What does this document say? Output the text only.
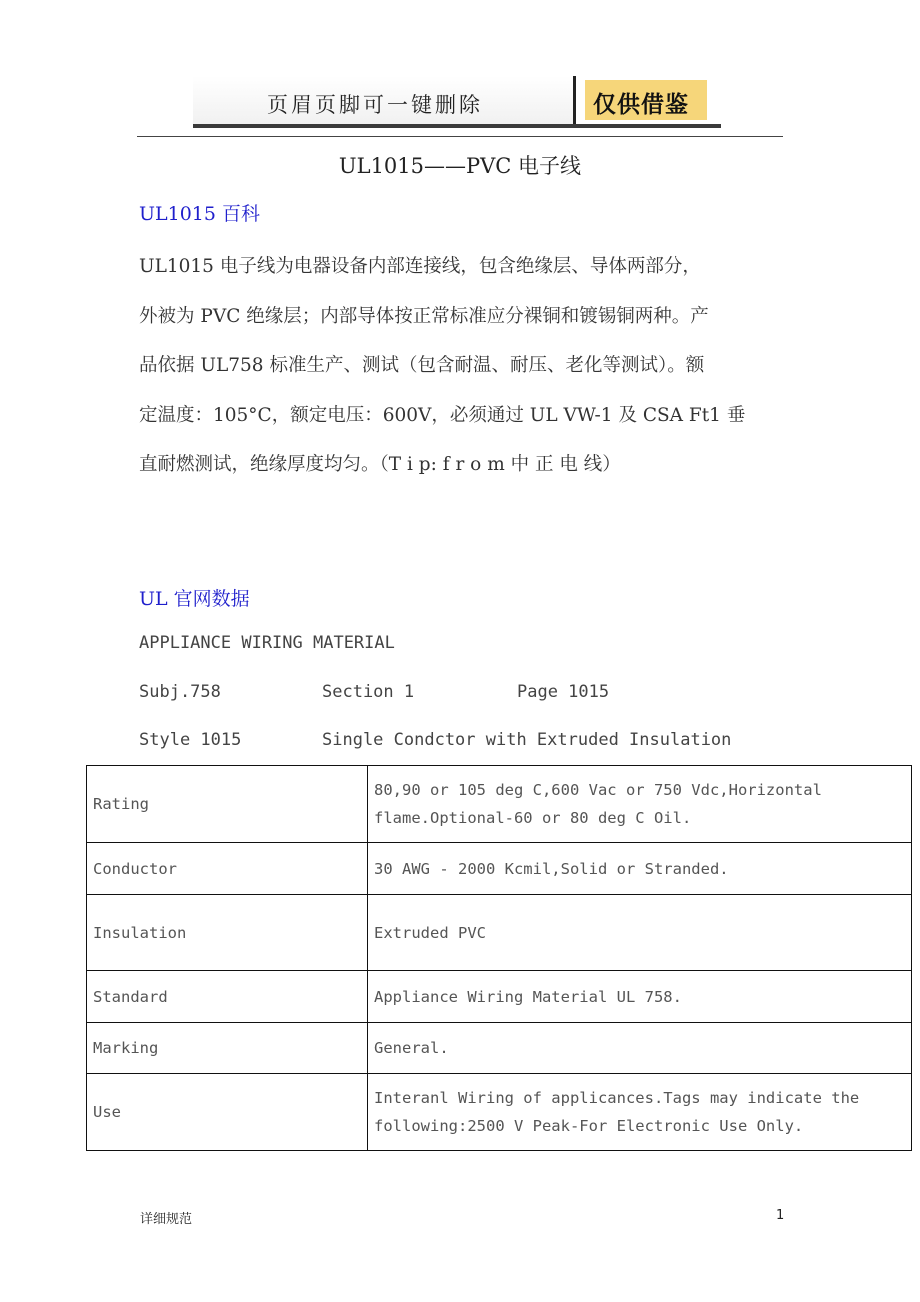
页眉页脚可一键删除	仅供借鉴
UL1015——PVC 电子线
UL1015 百科
UL1015 电子线为电器设备内部连接线，包含绝缘层、导体两部分，
外被为 PVC 绝缘层；内部导体按正常标准应分裸铜和镀锡铜两种。产
品依据 UL758 标准生产、测试（包含耐温、耐压、老化等测试）。额
定温度：105°C，额定电压：600V，必须通过 UL VW-1 及 CSA Ft1 垂
直耐燃测试，绝缘厚度均匀。（T i p: f r o m 中 正 电 线）
UL 官网数据
APPLIANCE WIRING MATERIAL
Subj.758	Section 1	Page 1015
Style 1015	Single Condctor with Extruded Insulation
Rating	80,90 or 105 deg C,600 Vac or 750 Vdc,Horizontal flame.Optional-60 or 80 deg C Oil.
Conductor	30 AWG - 2000 Kcmil,Solid or Stranded.
Insulation	Extruded PVC
Standard	Appliance Wiring Material UL 758.
Marking	General.
Use	Interanl Wiring of applicances.Tags may indicate the following:2500 V Peak-For Electronic Use Only.
详细规范	1
